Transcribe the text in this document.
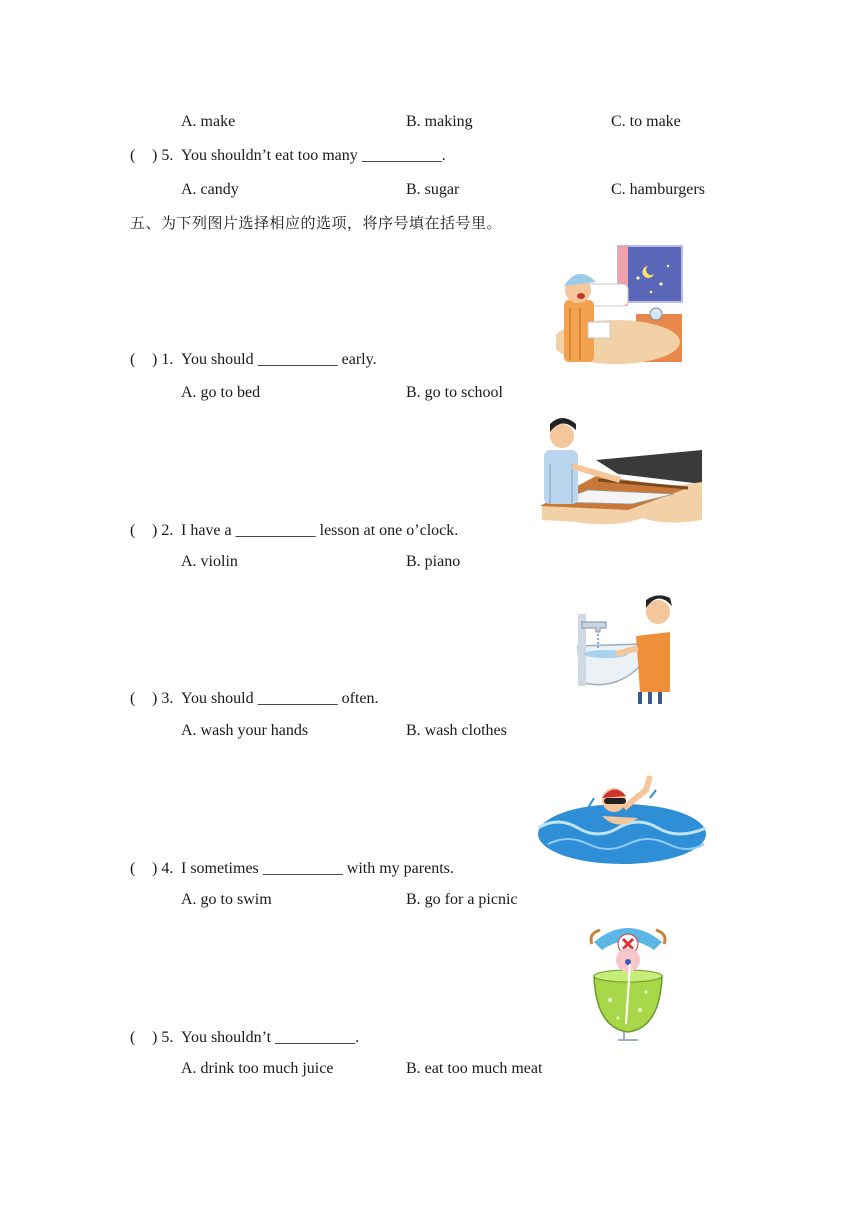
A. make	B. making	C. to make
( ) 5. You shouldn’t eat too many __________.
A. candy	B. sugar	C. hamburgers
五、为下列图片选择相应的选项，将序号填在括号里。
( ) 1. You should __________ early.
A. go to bed	B. go to school
( ) 2. I have a __________ lesson at one o’clock.
A. violin	B. piano
( ) 3. You should __________ often.
A. wash your hands	B. wash clothes
( ) 4. I sometimes __________ with my parents.
A. go to swim	B. go for a picnic
( ) 5. You shouldn’t __________.
A. drink too much juice	B. eat too much meat
